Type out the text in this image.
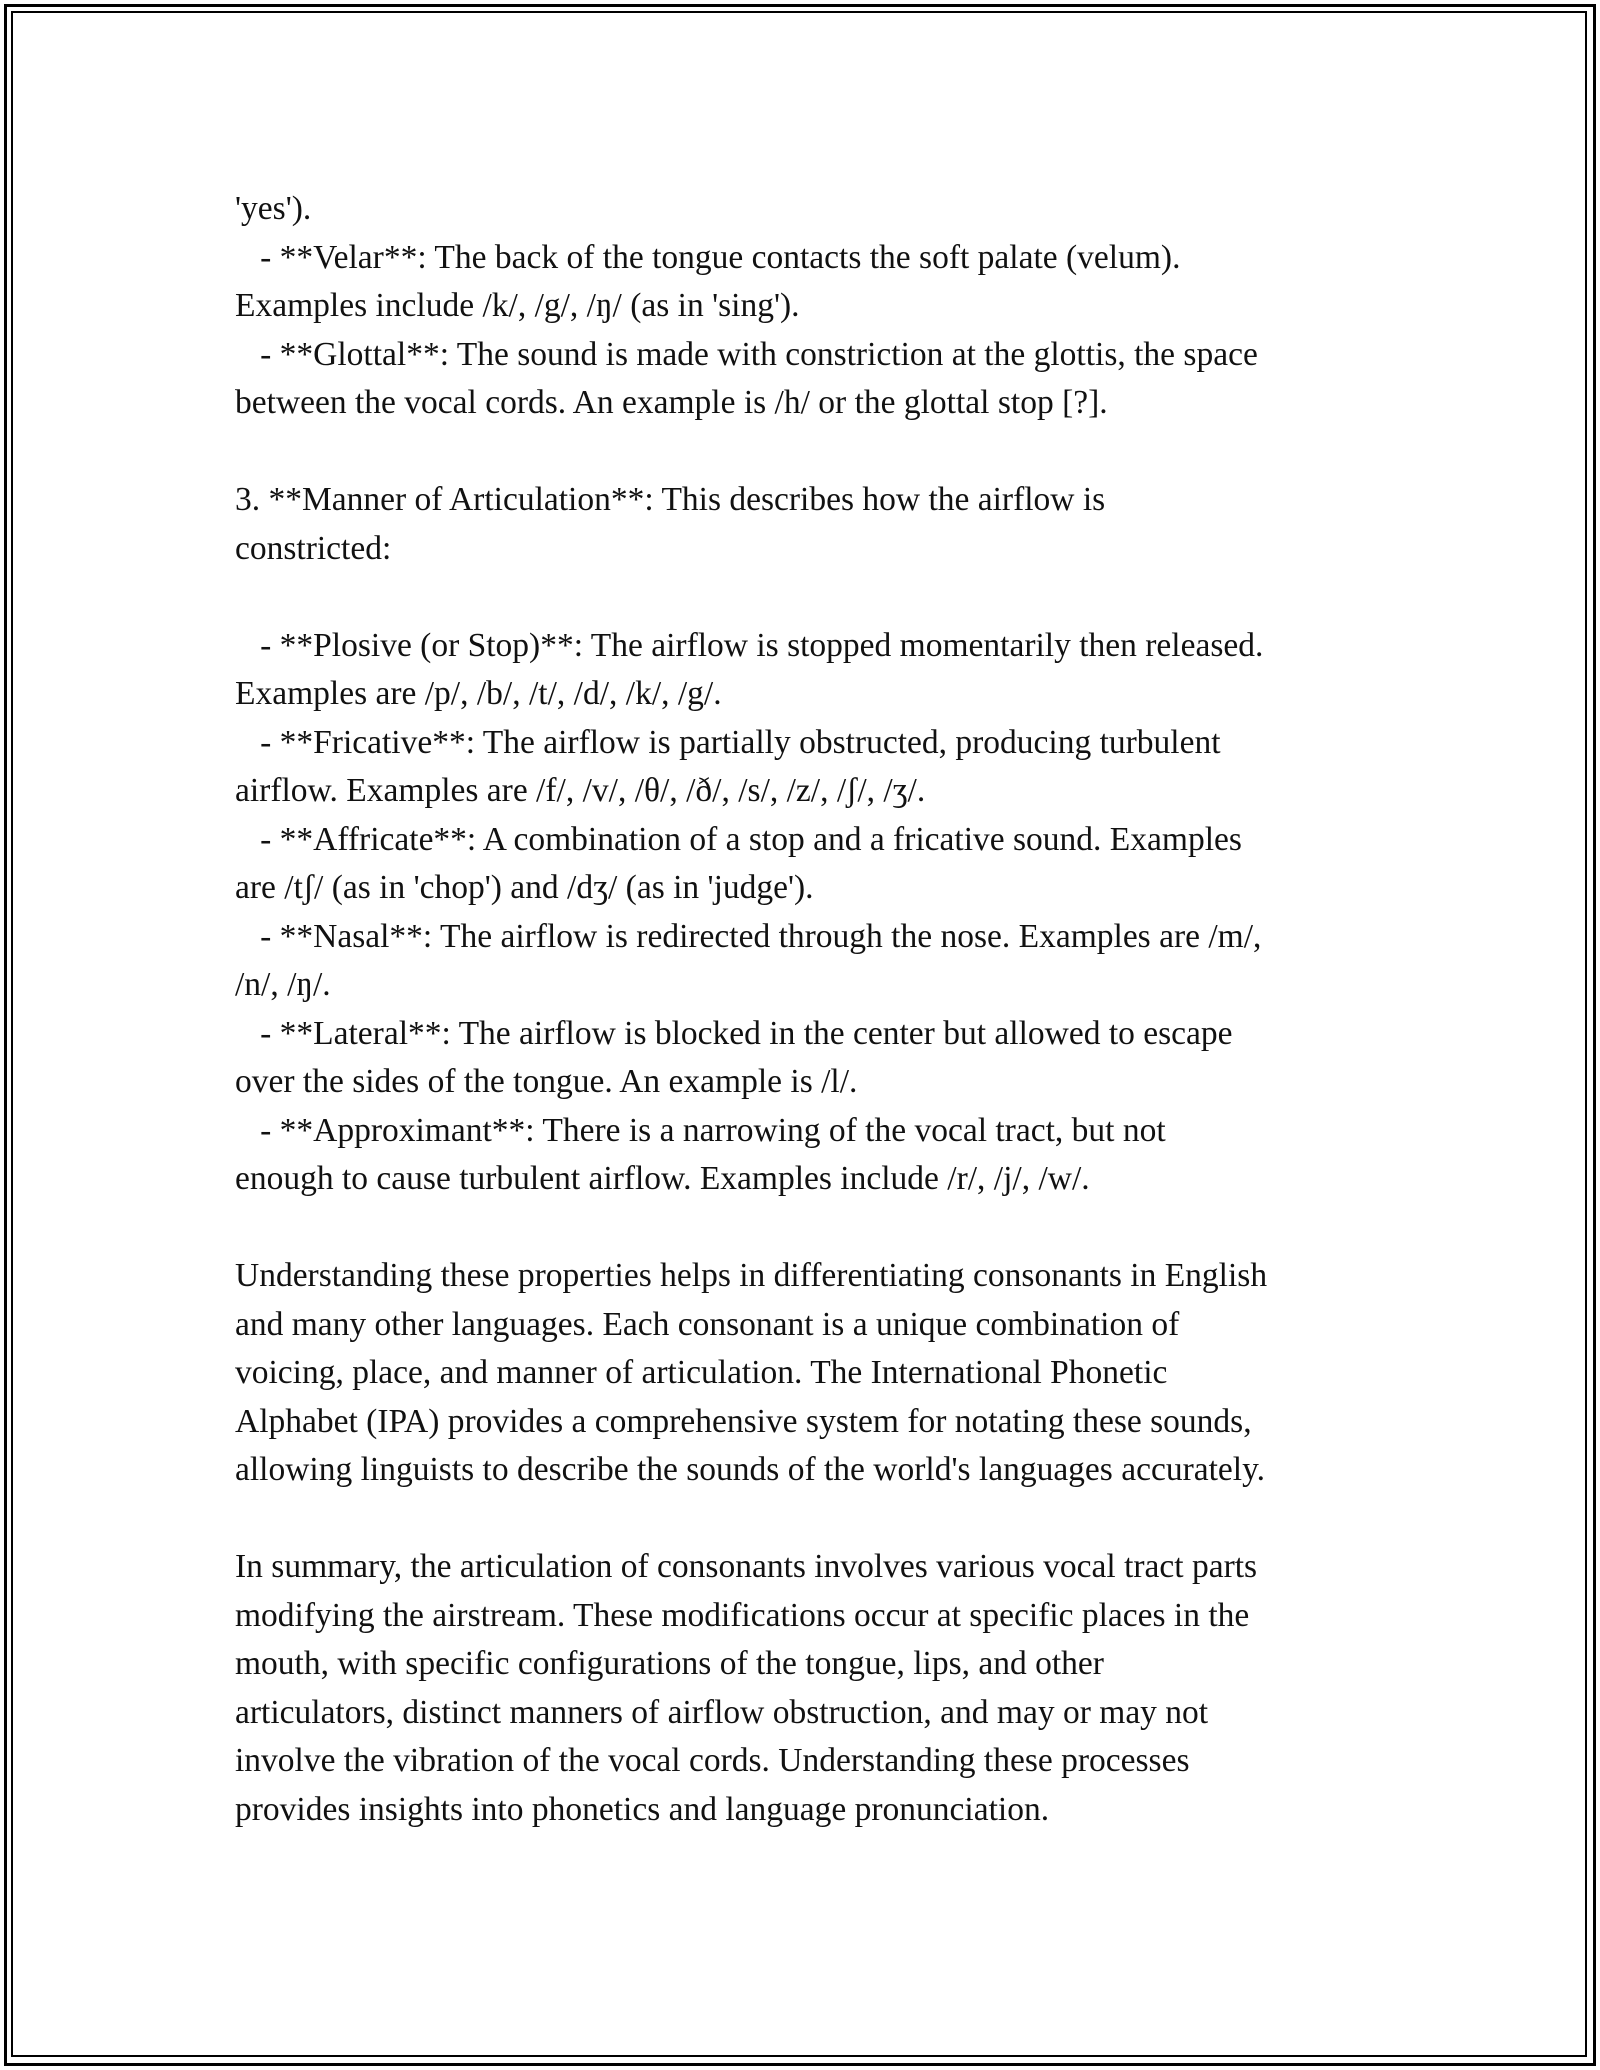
'yes').
- **Velar**: The back of the tongue contacts the soft palate (velum).
Examples include /k/, /g/, /ŋ/ (as in 'sing').
- **Glottal**: The sound is made with constriction at the glottis, the space
between the vocal cords. An example is /h/ or the glottal stop [?].
3. **Manner of Articulation**: This describes how the airflow is
constricted:
- **Plosive (or Stop)**: The airflow is stopped momentarily then released.
Examples are /p/, /b/, /t/, /d/, /k/, /g/.
- **Fricative**: The airflow is partially obstructed, producing turbulent
airflow. Examples are /f/, /v/, /θ/, /ð/, /s/, /z/, /ʃ/, /ʒ/.
- **Affricate**: A combination of a stop and a fricative sound. Examples
are /tʃ/ (as in 'chop') and /dʒ/ (as in 'judge').
- **Nasal**: The airflow is redirected through the nose. Examples are /m/,
/n/, /ŋ/.
- **Lateral**: The airflow is blocked in the center but allowed to escape
over the sides of the tongue. An example is /l/.
- **Approximant**: There is a narrowing of the vocal tract, but not
enough to cause turbulent airflow. Examples include /r/, /j/, /w/.
Understanding these properties helps in differentiating consonants in English
and many other languages. Each consonant is a unique combination of
voicing, place, and manner of articulation. The International Phonetic
Alphabet (IPA) provides a comprehensive system for notating these sounds,
allowing linguists to describe the sounds of the world's languages accurately.
In summary, the articulation of consonants involves various vocal tract parts
modifying the airstream. These modifications occur at specific places in the
mouth, with specific configurations of the tongue, lips, and other
articulators, distinct manners of airflow obstruction, and may or may not
involve the vibration of the vocal cords. Understanding these processes
provides insights into phonetics and language pronunciation.
